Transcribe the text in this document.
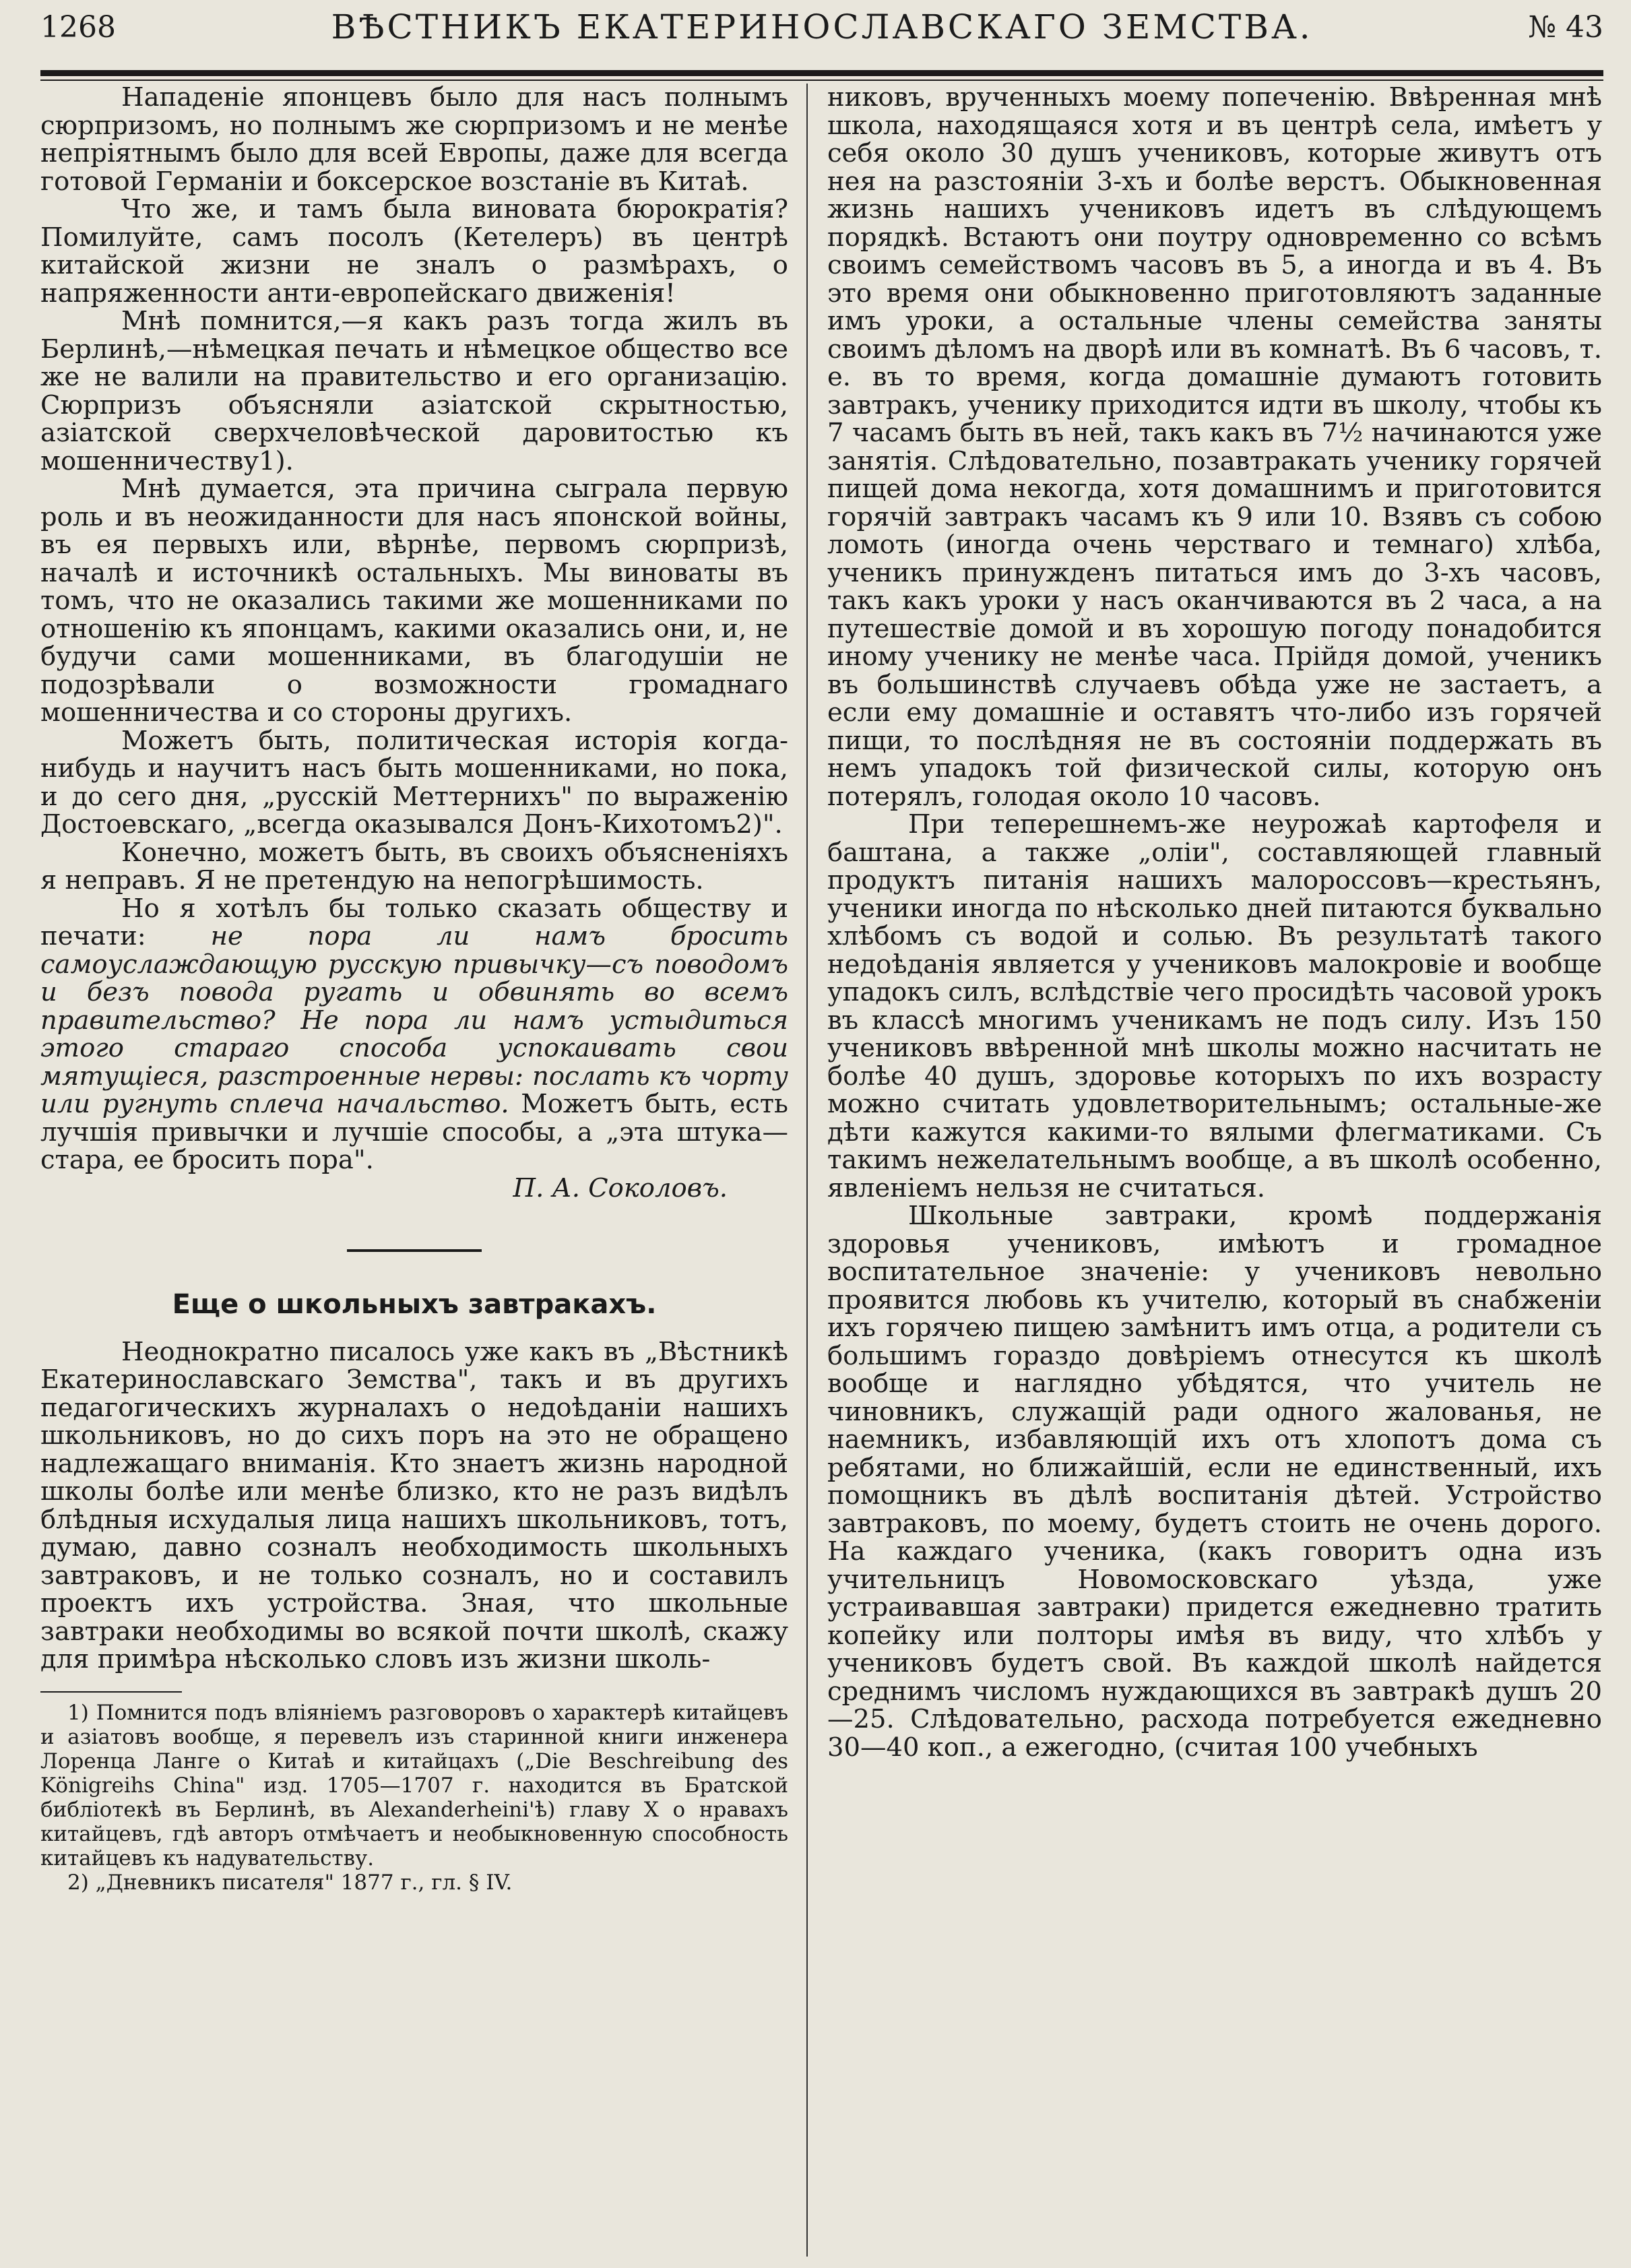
1268	ВѢСТНИКЪ ЕКАТЕРИНОСЛАВСКАГО ЗЕМСТВА.	№ 43

Нападеніе японцевъ было для насъ полнымъ сюрпризомъ, но полнымъ же сюрпризомъ и не менѣе непріятнымъ было для всей Европы, даже для всегда готовой Германіи и боксерское возстаніе въ Китаѣ.

Что же, и тамъ была виновата бюрократія? Помилуйте, самъ посолъ (Кетелеръ) въ центрѣ китайской жизни не зналъ о размѣрахъ, о напряженности анти-европейскаго движенія!

Мнѣ помнится,—я какъ разъ тогда жилъ въ Берлинѣ,—нѣмецкая печать и нѣмецкое общество все же не валили на правительство и его организацію. Сюрпризъ объясняли азіатской скрытностью, азіатской сверхчеловѣческой даровитостью къ мошенничеству1).

Мнѣ думается, эта причина сыграла первую роль и въ неожиданности для насъ японской войны, въ ея первыхъ или, вѣрнѣе, первомъ сюрпризѣ, началѣ и источникѣ остальныхъ. Мы виноваты въ томъ, что не оказались такими же мошенниками по отношенію къ японцамъ, какими оказались они, и, не будучи сами мошенниками, въ благодушіи не подозрѣвали о возможности громаднаго мошенничества и со стороны другихъ.

Можетъ быть, политическая исторія когда-нибудь и научитъ насъ быть мошенниками, но пока, и до сего дня, „русскій Меттернихъ" по выраженію Достоевскаго, „всегда оказывался Донъ-Кихотомъ2)".

Конечно, можетъ быть, въ своихъ объясненіяхъ я неправъ. Я не претендую на непогрѣшимость.

Но я хотѣлъ бы только сказать обществу и печати: не пора ли намъ бросить самоуслаждающую русскую привычку—съ поводомъ и безъ повода ругать и обвинять во всемъ правительство? Не пора ли намъ устыдиться этого стараго способа успокаивать свои мятущіеся, разстроенные нервы: послать къ чорту или ругнуть сплеча начальство. Можетъ быть, есть лучшія привычки и лучшіе способы, а „эта штука—стара, ее бросить пора".

П. А. Соколовъ.

Еще о школьныхъ завтракахъ.

Неоднократно писалось уже какъ въ „Вѣстникѣ Екатеринославскаго Земства", такъ и въ другихъ педагогическихъ журналахъ о недоѣданіи нашихъ школьниковъ, но до сихъ поръ на это не обращено надлежащаго вниманія. Кто знаетъ жизнь народной школы болѣе или менѣе близко, кто не разъ видѣлъ блѣдныя исхудалыя лица нашихъ школьниковъ, тотъ, думаю, давно созналъ необходимость школьныхъ завтраковъ, и не только созналъ, но и составилъ проектъ ихъ устройства. Зная, что школьные завтраки необходимы во всякой почти школѣ, скажу для примѣра нѣсколько словъ изъ жизни школь-

1) Помнится подъ вліяніемъ разговоровъ о характерѣ китайцевъ и азіатовъ вообще, я перевелъ изъ старинной книги инженера Лоренца Ланге о Китаѣ и китайцахъ („Die Beschreibung des Königreihs China" изд. 1705—1707 г. находится въ Братской библіотекѣ въ Берлинѣ, въ Alexanderheini'ѣ) главу X о нравахъ китайцевъ, гдѣ авторъ отмѣчаетъ и необыкновенную способность китайцевъ къ надувательству.

2) „Дневникъ писателя" 1877 г., гл. § IV.

никовъ, врученныхъ моему попеченію. Ввѣренная мнѣ школа, находящаяся хотя и въ центрѣ села, имѣетъ у себя около 30 душъ учениковъ, которые живутъ отъ нея на разстояніи 3-хъ и болѣе верстъ. Обыкновенная жизнь нашихъ учениковъ идетъ въ слѣдующемъ порядкѣ. Встаютъ они поутру одновременно со всѣмъ своимъ семействомъ часовъ въ 5, а иногда и въ 4. Въ это время они обыкновенно приготовляютъ заданные имъ уроки, а остальные члены семейства заняты своимъ дѣломъ на дворѣ или въ комнатѣ. Въ 6 часовъ, т. е. въ то время, когда домашніе думаютъ готовить завтракъ, ученику приходится идти въ школу, чтобы къ 7 часамъ быть въ ней, такъ какъ въ 7½ начинаются уже занятія. Слѣдовательно, позавтракать ученику горячей пищей дома некогда, хотя домашнимъ и приготовится горячій завтракъ часамъ къ 9 или 10. Взявъ съ собою ломоть (иногда очень черстваго и темнаго) хлѣба, ученикъ принужденъ питаться имъ до 3-хъ часовъ, такъ какъ уроки у насъ оканчиваются въ 2 часа, а на путешествіе домой и въ хорошую погоду понадобится иному ученику не менѣе часа. Прійдя домой, ученикъ въ большинствѣ случаевъ обѣда уже не застаетъ, а если ему домашніе и оставятъ что-либо изъ горячей пищи, то послѣдняя не въ состояніи поддержать въ немъ упадокъ той физической силы, которую онъ потерялъ, голодая около 10 часовъ.

При теперешнемъ-же неурожаѣ картофеля и баштана, а также „оліи", составляющей главный продуктъ питанія нашихъ малороссовъ—крестьянъ, ученики иногда по нѣсколько дней питаются буквально хлѣбомъ съ водой и солью. Въ результатѣ такого недоѣданія является у учениковъ малокровіе и вообще упадокъ силъ, вслѣдствіе чего просидѣть часовой урокъ въ классѣ многимъ ученикамъ не подъ силу. Изъ 150 учениковъ ввѣренной мнѣ школы можно насчитать не болѣе 40 душъ, здоровье которыхъ по ихъ возрасту можно считать удовлетворительнымъ; остальные-же дѣти кажутся какими-то вялыми флегматиками. Съ такимъ нежелательнымъ вообще, а въ школѣ особенно, явленіемъ нельзя не считаться.

Школьные завтраки, кромѣ поддержанія здоровья учениковъ, имѣютъ и громадное воспитательное значеніе: у учениковъ невольно проявится любовь къ учителю, который въ снабженіи ихъ горячею пищею замѣнитъ имъ отца, а родители съ большимъ гораздо довѣріемъ отнесутся къ школѣ вообще и наглядно убѣдятся, что учитель не чиновникъ, служащій ради одного жалованья, не наемникъ, избавляющій ихъ отъ хлопотъ дома съ ребятами, но ближайшій, если не единственный, ихъ помощникъ въ дѣлѣ воспитанія дѣтей. Устройство завтраковъ, по моему, будетъ стоить не очень дорого. На каждаго ученика, (какъ говоритъ одна изъ учительницъ Новомосковскаго уѣзда, уже устраивавшая завтраки) придется ежедневно тратить копейку или полторы имѣя въ виду, что хлѣбъ у учениковъ будетъ свой. Въ каждой школѣ найдется среднимъ числомъ нуждающихся въ завтракѣ душъ 20—25. Слѣдовательно, расхода потребуется ежедневно 30—40 коп., а ежегодно, (считая 100 учебныхъ
